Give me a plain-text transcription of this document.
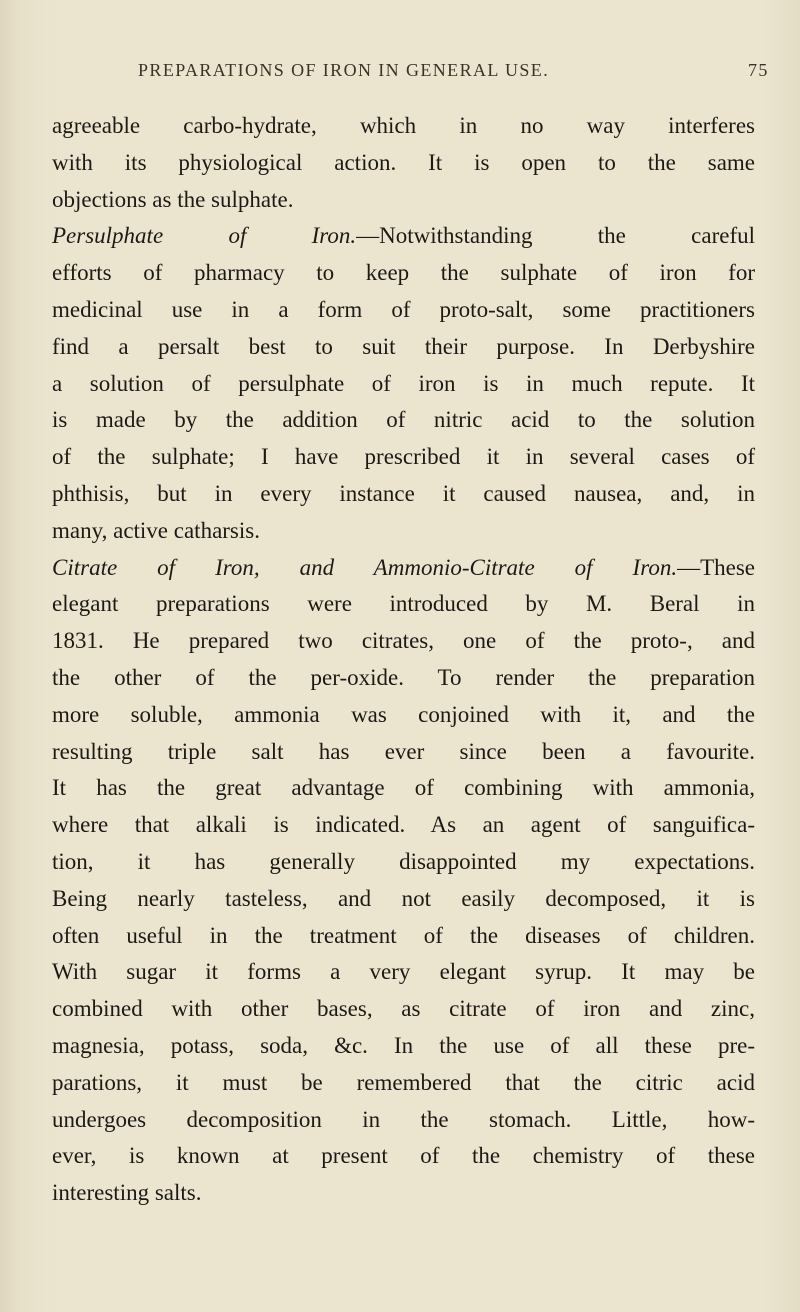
PREPARATIONS OF IRON IN GENERAL USE.	75
agreeable carbo-hydrate, which in no way interferes
with its physiological action. It is open to the same
objections as the sulphate.
Persulphate of Iron.—Notwithstanding the careful
efforts of pharmacy to keep the sulphate of iron for
medicinal use in a form of proto-salt, some practitioners
find a persalt best to suit their purpose. In Derbyshire
a solution of persulphate of iron is in much repute. It
is made by the addition of nitric acid to the solution
of the sulphate; I have prescribed it in several cases of
phthisis, but in every instance it caused nausea, and, in
many, active catharsis.
Citrate of Iron, and Ammonio-Citrate of Iron.—These
elegant preparations were introduced by M. Beral in
1831. He prepared two citrates, one of the proto-, and
the other of the per-oxide. To render the preparation
more soluble, ammonia was conjoined with it, and the
resulting triple salt has ever since been a favourite.
It has the great advantage of combining with ammonia,
where that alkali is indicated. As an agent of sanguifica-
tion, it has generally disappointed my expectations.
Being nearly tasteless, and not easily decomposed, it is
often useful in the treatment of the diseases of children.
With sugar it forms a very elegant syrup. It may be
combined with other bases, as citrate of iron and zinc,
magnesia, potass, soda, &c. In the use of all these pre-
parations, it must be remembered that the citric acid
undergoes decomposition in the stomach. Little, how-
ever, is known at present of the chemistry of these
interesting salts.
